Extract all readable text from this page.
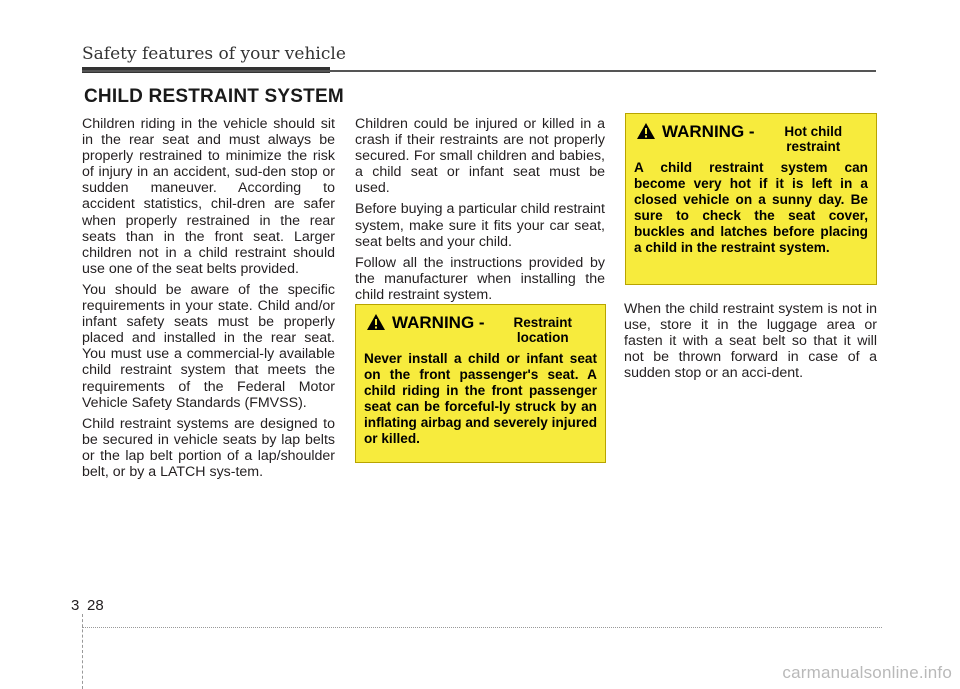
Safety features of your vehicle
CHILD RESTRAINT SYSTEM

Children riding in the vehicle should sit in the rear seat and must always be properly restrained to minimize the risk of injury in an accident, sud-den stop or sudden maneuver. According to accident statistics, chil-dren are safer when properly restrained in the rear seats than in the front seat. Larger children not in a child restraint should use one of the seat belts provided.

You should be aware of the specific requirements in your state. Child and/or infant safety seats must be properly placed and installed in the rear seat. You must use a commercial-ly available child restraint system that meets the requirements of the Federal Motor Vehicle Safety Standards (FMVSS).

Child restraint systems are designed to be secured in vehicle seats by lap belts or the lap belt portion of a lap/shoulder belt, or by a LATCH sys-tem.

Children could be injured or killed in a crash if their restraints are not properly secured. For small children and babies, a child seat or infant seat must be used.

Before buying a particular child restraint system, make sure it fits your car seat, seat belts and your child.

Follow all the instructions provided by the manufacturer when installing the child restraint system.

WARNING -	Restraint location
Never install a child or infant seat on the front passenger's seat. A child riding in the front passenger seat can be forceful-ly struck by an inflating airbag and severely injured or killed.
WARNING -	Hot child restraint
A child restraint system can become very hot if it is left in a closed vehicle on a sunny day. Be sure to check the seat cover, buckles and latches before placing a child in the restraint system.

When the child restraint system is not in use, store it in the luggage area or fasten it with a seat belt so that it will not be thrown forward in case of a sudden stop or an acci-dent.

3 28
carmanualsonline.info
